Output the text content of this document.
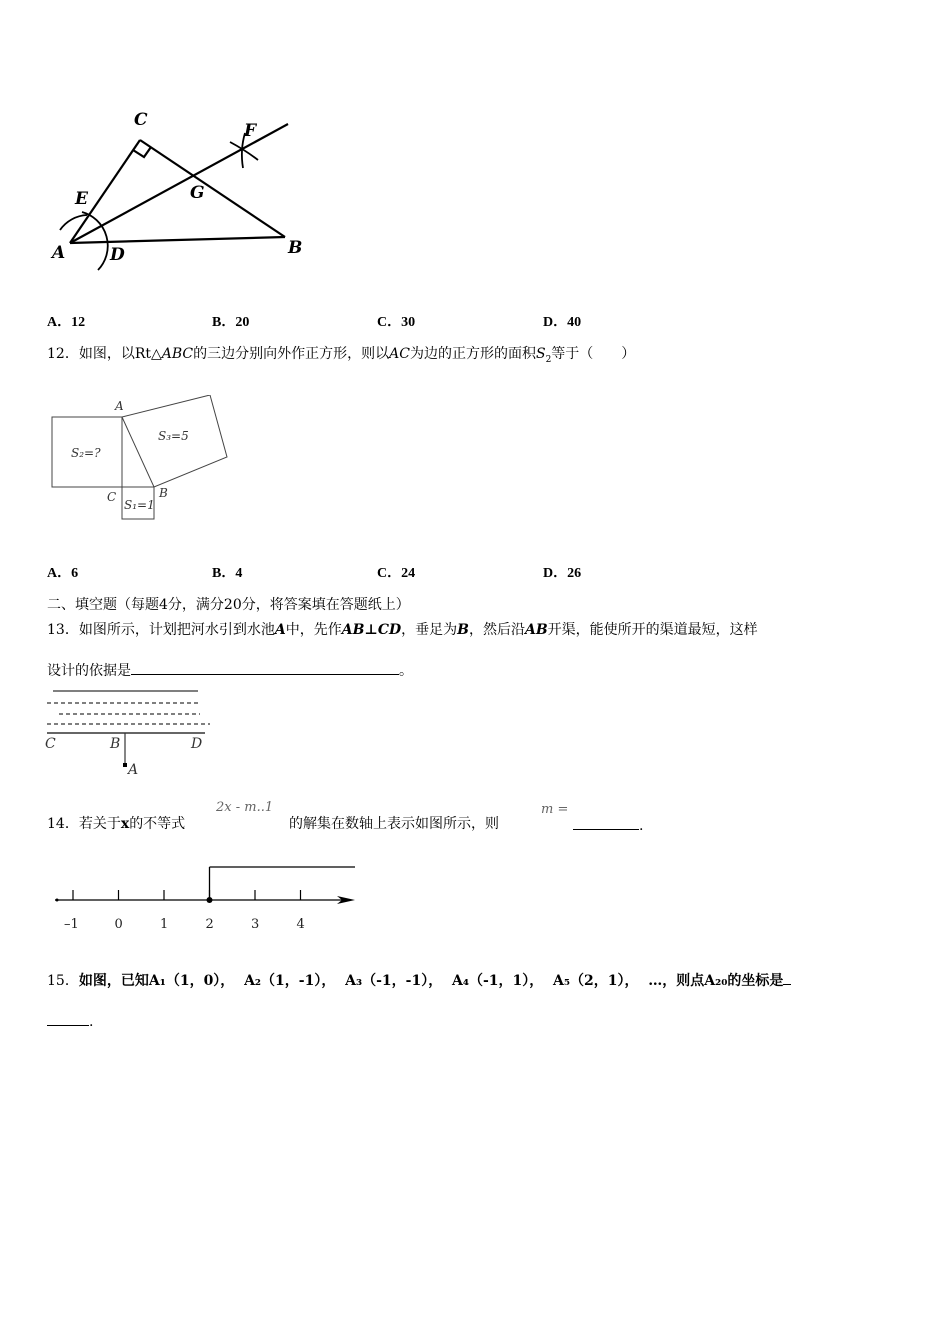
C
F
E	G
A	D	B
A．12	B．20	C．30	D．40
12．如图，以Rt△ABC的三边分别向外作正方形，则以AC为边的正方形的面积$S_2$等于（　　）
A
C	B
S₂=?
S₃=5
S₁=1
A．6	B．4	C．24	D．26
二、填空题（每题4分，满分20分，将答案填在答题纸上）
13．如图所示，计划把河水引到水池A中，先作AB⊥CD，垂足为B，然后沿AB开渠，能使所开的渠道最短，这样
设计的依据是	。
C	B	D
A
2x - m..1	m =
14．若关于x的不等式	的解集在数轴上表示如图所示，则	.
–1	0	1	2	3	4
15．如图，已知A₁（1，0）， A₂（1，-1）， A₃（-1，-1）， A₄（-1，1）， A₅（2，1）， …，则点A₂₀的坐标是
.
